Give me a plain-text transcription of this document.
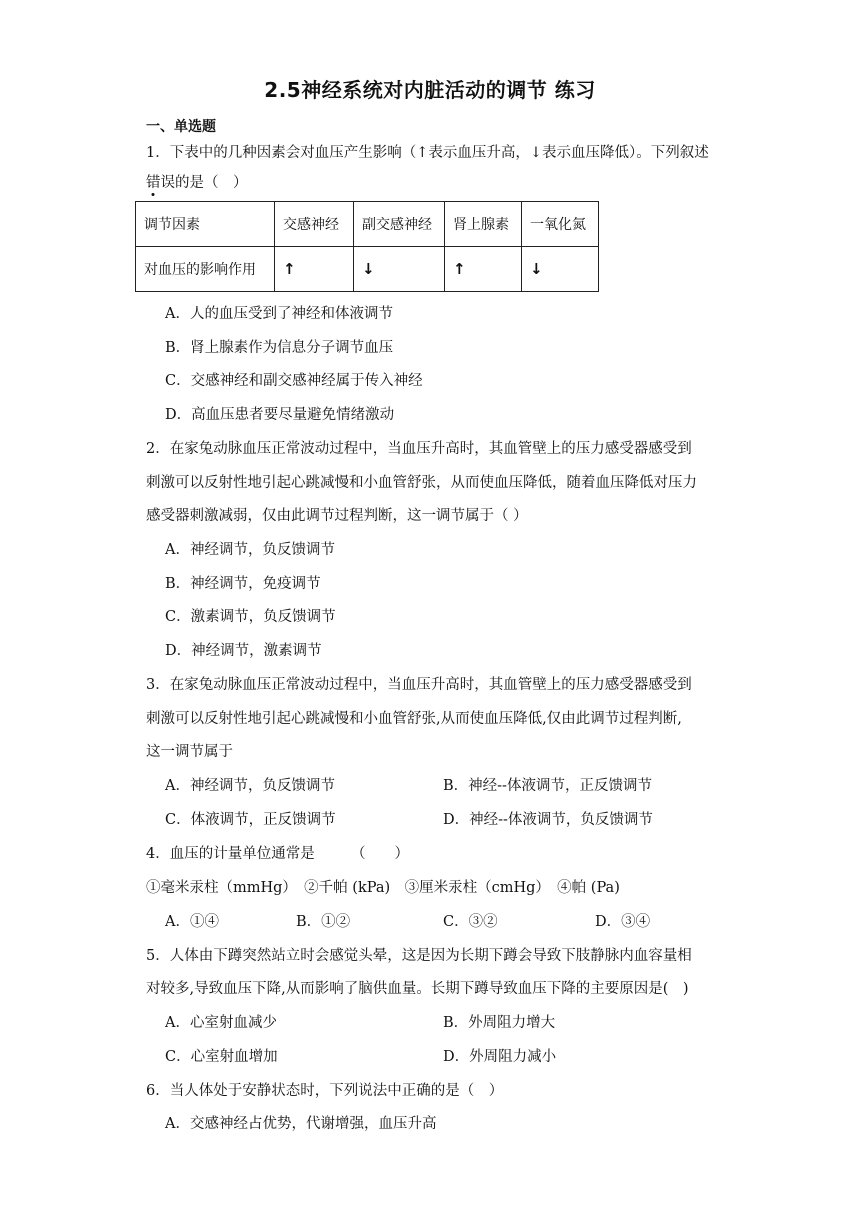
2.5神经系统对内脏活动的调节 练习
一、单选题
1．下表中的几种因素会对血压产生影响（↑表示血压升高，↓表示血压降低）。下列叙述
错误的是（　）
调节因素	交感神经	副交感神经	肾上腺素	一氧化氮
对血压的影响作用	↑	↓	↑	↓
A．人的血压受到了神经和体液调节
B．肾上腺素作为信息分子调节血压
C．交感神经和副交感神经属于传入神经
D．高血压患者要尽量避免情绪激动
2．在家兔动脉血压正常波动过程中，当血压升高时，其血管壁上的压力感受器感受到
刺激可以反射性地引起心跳减慢和小血管舒张，从而使血压降低，随着血压降低对压力
感受器刺激减弱，仅由此调节过程判断，这一调节属于（ ）
A．神经调节，负反馈调节
B．神经调节，免疫调节
C．激素调节，负反馈调节
D．神经调节，激素调节
3．在家兔动脉血压正常波动过程中，当血压升高时，其血管壁上的压力感受器感受到
刺激可以反射性地引起心跳减慢和小血管舒张,从而使血压降低,仅由此调节过程判断,
这一调节属于
A．神经调节，负反馈调节	B．神经--体液调节，正反馈调节
C．体液调节，正反馈调节	D．神经--体液调节，负反馈调节
4．血压的计量单位通常是　　　（　　）
①毫米汞柱（mmHg）　②千帕 (kPa)　③厘米汞柱（cmHg）　④帕 (Pa)
A．①④	B．①②	C．③②	D．③④
5．人体由下蹲突然站立时会感觉头晕，这是因为长期下蹲会导致下肢静脉内血容量相
对较多,导致血压下降,从而影响了脑供血量。长期下蹲导致血压下降的主要原因是(　)
A．心室射血减少	B．外周阻力增大
C．心室射血增加	D．外周阻力减小
6．当人体处于安静状态时，下列说法中正确的是（　）
A．交感神经占优势，代谢增强，血压升高
